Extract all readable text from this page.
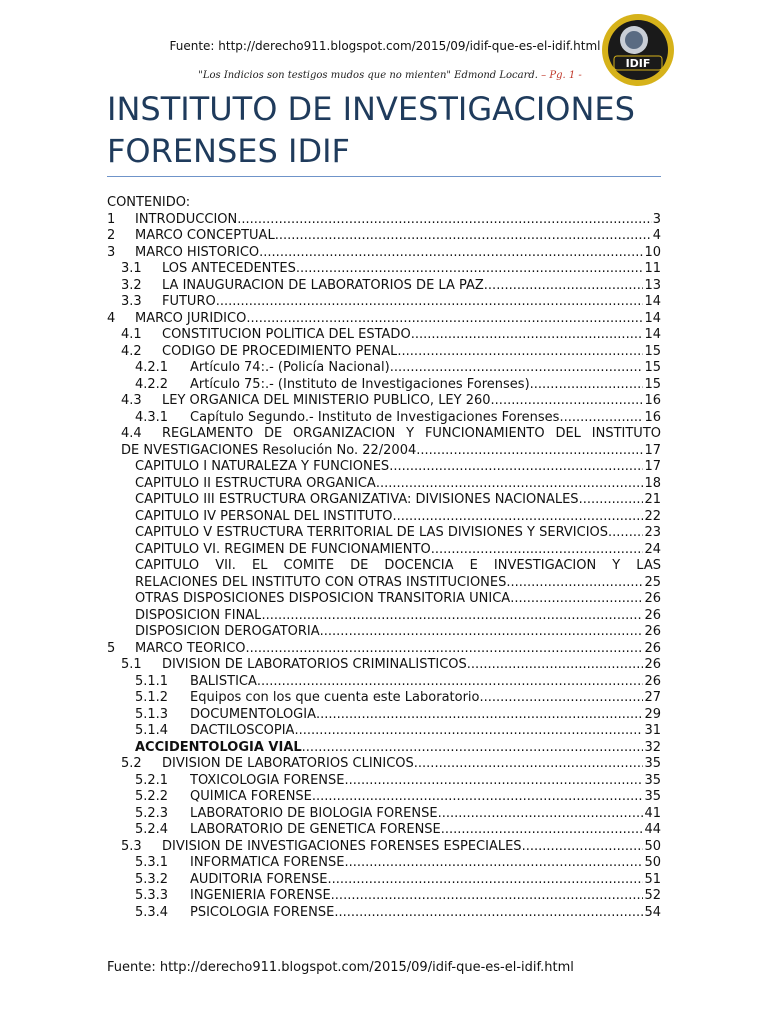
Fuente: http://derecho911.blogspot.com/2015/09/idif-que-es-el-idif.html
"Los Indicios son testigos mudos que no mienten" Edmond Locard. – Pg. 1 -
IDIF
INSTITUTO DE INVESTIGACIONES
FORENSES IDIF
CONTENIDO:
1	INTRODUCCIÓN .....	3
2	MARCO CONCEPTUAL .....	4
3	MARCO HISTÓRICO .....	10
3.1	LOS ANTECEDENTES .....	11
3.2	LA INAUGURACIÓN DE LABORATORIOS DE LA PAZ .....	13
3.3	FUTURO .....	14
4	MARCO JURÍDICO .....	14
4.1	CONSTITUCIÓN POLÍTICA DEL ESTADO .....	14
4.2	CÓDIGO DE PROCEDIMIENTO PENAL .....	15
4.2.1	Artículo 74:.- (Policía Nacional) .....	15
4.2.2	Artículo 75:.- (Instituto de Investigaciones Forenses) .....	15
4.3	LEY ORGÁNICA DEL MINISTERIO PÚBLICO, LEY 260 .....	16
4.3.1	Capítulo Segundo.- Instituto de Investigaciones Forenses .....	16
4.4 REGLAMENTO DE ORGANIZACIÓN Y FUNCIONAMIENTO DEL INSTITUTO
DE NVESTIGACIONES Resolución No. 22/2004 .....	17
CAPITULO I NATURALEZA Y FUNCIONES .....	17
CAPÍTULO II ESTRUCTURA ORGÁNICA .....	18
CAPITULO III ESTRUCTURA ORGANIZATIVA: DIVISIONES NACIONALES .....	21
CAPITULO IV PERSONAL DEL INSTITUTO .....	22
CAPITULO V ESTRUCTURA TERRITORIAL DE LAS DIVISIONES Y SERVICIOS .....	23
CAPÍTULO VI. REGIMEN DE FUNCIONAMIENTO .....	24
CAPITULO VII. EL COMITÉ DE DOCENCIA E INVESTIGACIÓN Y LAS
RELACIONES DEL INSTITUTO CON OTRAS INSTITUCIONES .....	25
OTRAS DISPOSICIONES DISPOSICIÓN TRANSITORIA ÚNICA .....	26
DISPOSICIÓN FINAL .....	26
DISPOSICIÓN DEROGATORIA .....	26
5	MARCO TEÓRICO .....	26
5.1	DIVISIÓN DE LABORATORIOS CRIMINALÍSTICOS .....	26
5.1.1	BALÍSTICA .....	26
5.1.2	Equipos con los que cuenta este Laboratorio .....	27
5.1.3	DOCUMENTOLOGÍA .....	29
5.1.4	DACTILOSCOPIA .....	31
ACCIDENTOLOGIA VIAL .....	32
5.2	DIVISIÓN DE LABORATORIOS CLÍNICOS .....	35
5.2.1	TOXICOLOGIA FORENSE .....	35
5.2.2	QUÍMICA FORENSE .....	35
5.2.3	LABORATORIO DE BIOLOGÍA FORENSE .....	41
5.2.4	LABORATORIO DE GENÉTICA FORENSE .....	44
5.3	DIVISIÓN DE INVESTIGACIONES FORENSES ESPECIALES .....	50
5.3.1	INFORMÁTICA FORENSE .....	50
5.3.2	AUDITORIA FORENSE .....	51
5.3.3	INGENIERÍA FORENSE .....	52
5.3.4	PSICOLOGÍA FORENSE .....	54
Fuente: http://derecho911.blogspot.com/2015/09/idif-que-es-el-idif.html
